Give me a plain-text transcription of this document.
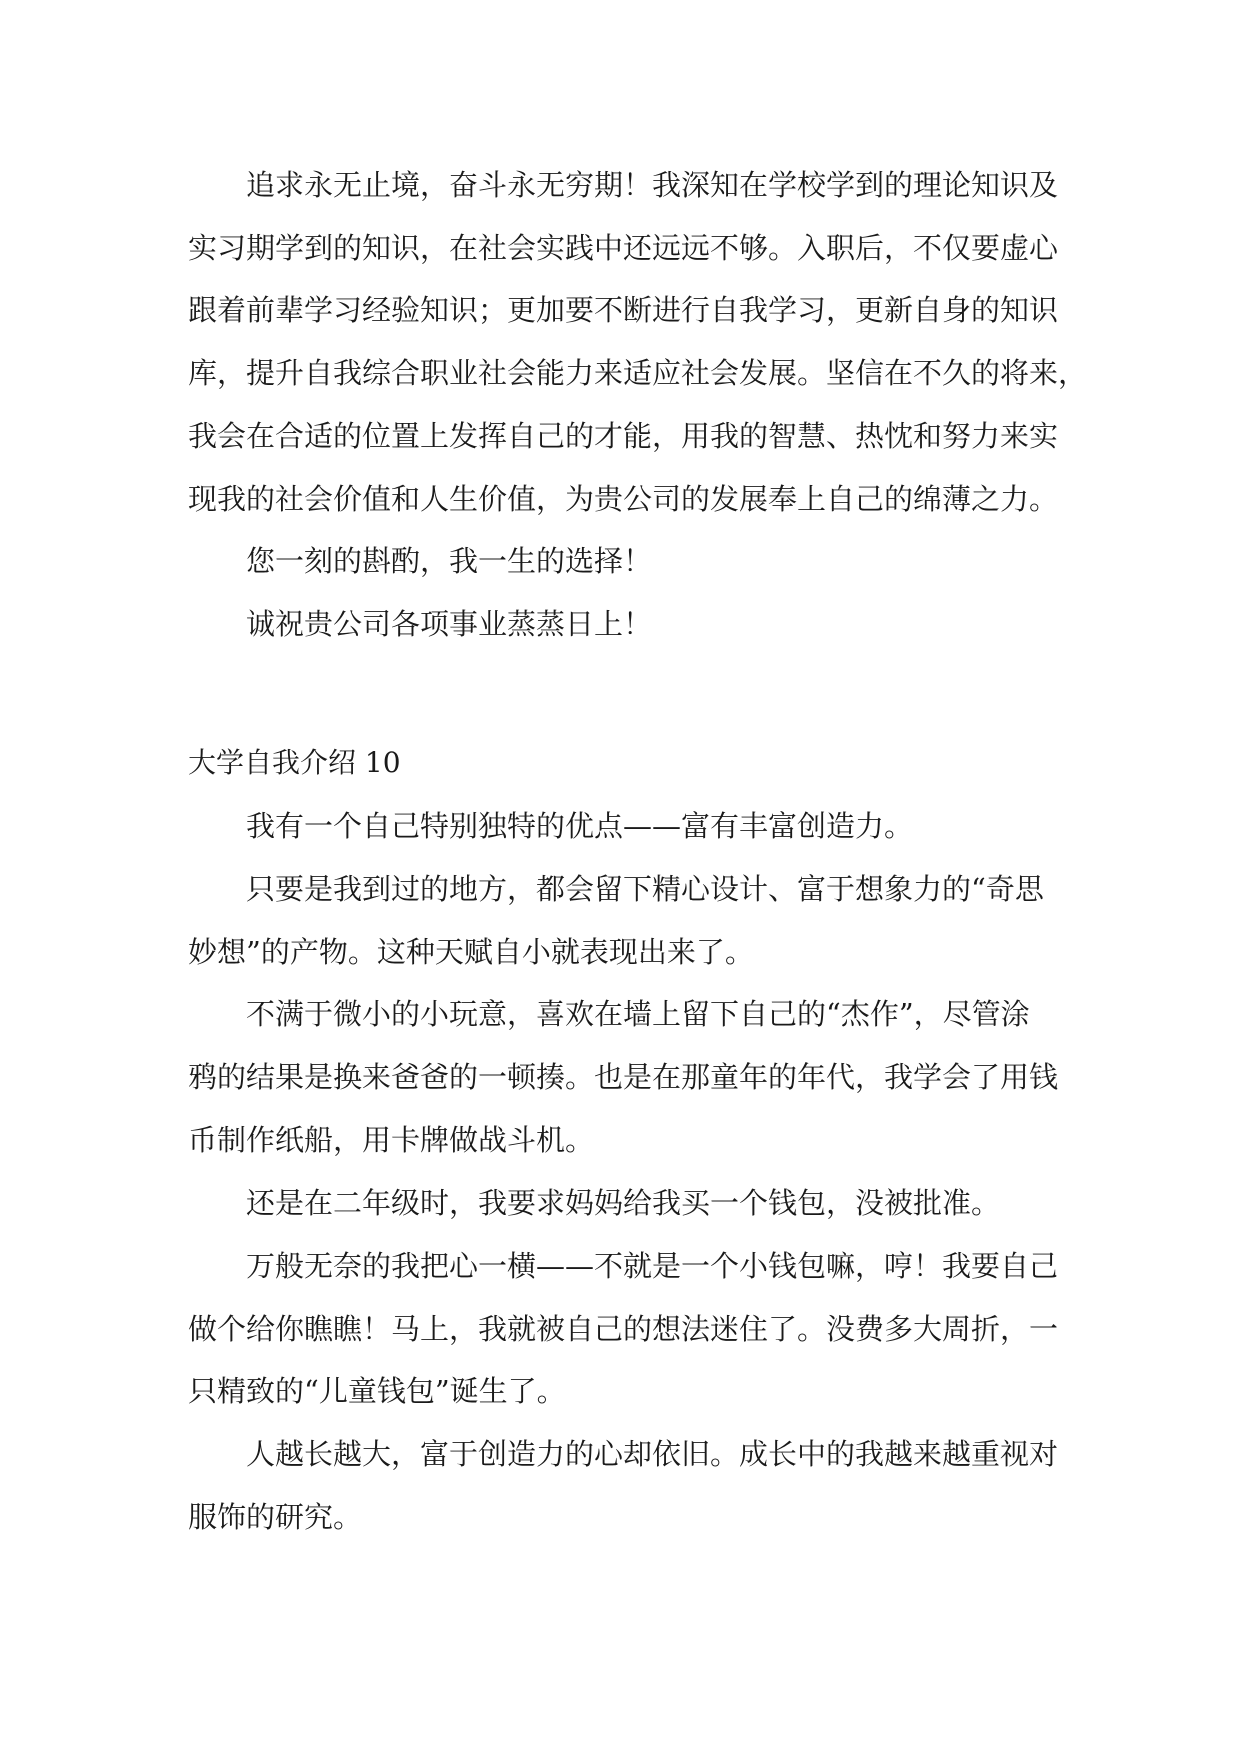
追求永无止境，奋斗永无穷期！我深知在学校学到的理论知识及
实习期学到的知识，在社会实践中还远远不够。入职后，不仅要虚心
跟着前辈学习经验知识；更加要不断进行自我学习，更新自身的知识
库，提升自我综合职业社会能力来适应社会发展。坚信在不久的将来，
我会在合适的位置上发挥自己的才能，用我的智慧、热忱和努力来实
现我的社会价值和人生价值，为贵公司的发展奉上自己的绵薄之力。
您一刻的斟酌，我一生的选择！
诚祝贵公司各项事业蒸蒸日上！
大学自我介绍 10
我有一个自己特别独特的优点——富有丰富创造力。
只要是我到过的地方，都会留下精心设计、富于想象力的“奇思
妙想”的产物。这种天赋自小就表现出来了。
不满于微小的小玩意，喜欢在墙上留下自己的“杰作”，尽管涂
鸦的结果是换来爸爸的一顿揍。也是在那童年的年代，我学会了用钱
币制作纸船，用卡牌做战斗机。
还是在二年级时，我要求妈妈给我买一个钱包，没被批准。
万般无奈的我把心一横——不就是一个小钱包嘛，哼！我要自己
做个给你瞧瞧！马上，我就被自己的想法迷住了。没费多大周折，一
只精致的“儿童钱包”诞生了。
人越长越大，富于创造力的心却依旧。成长中的我越来越重视对
服饰的研究。
